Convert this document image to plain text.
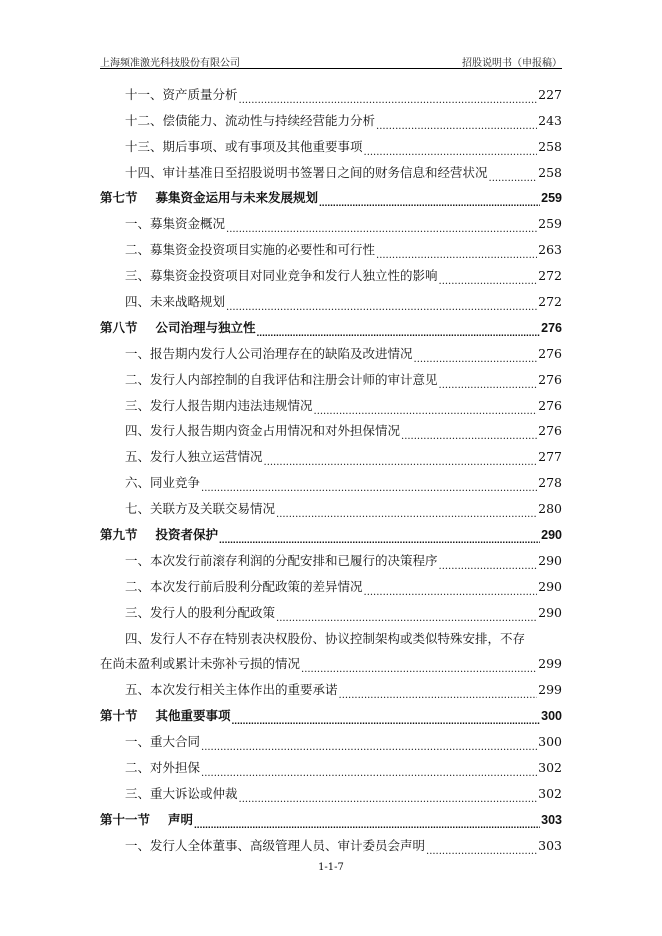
上海频准激光科技股份有限公司	招股说明书（申报稿）
十一、资产质量分析 .....	227
十二、偿债能力、流动性与持续经营能力分析 .....	243
十三、期后事项、或有事项及其他重要事项 .....	258
十四、审计基准日至招股说明书签署日之间的财务信息和经营状况 .....	258
第七节 募集资金运用与未来发展规划 .....	259
一、募集资金概况 .....	259
二、募集资金投资项目实施的必要性和可行性 .....	263
三、募集资金投资项目对同业竞争和发行人独立性的影响 .....	272
四、未来战略规划 .....	272
第八节 公司治理与独立性 .....	276
一、报告期内发行人公司治理存在的缺陷及改进情况 .....	276
二、发行人内部控制的自我评估和注册会计师的审计意见 .....	276
三、发行人报告期内违法违规情况 .....	276
四、发行人报告期内资金占用情况和对外担保情况 .....	276
五、发行人独立运营情况 .....	277
六、同业竞争 .....	278
七、关联方及关联交易情况 .....	280
第九节 投资者保护 .....	290
一、本次发行前滚存利润的分配安排和已履行的决策程序 .....	290
二、本次发行前后股利分配政策的差异情况 .....	290
三、发行人的股利分配政策 .....	290
四、发行人不存在特别表决权股份、协议控制架构或类似特殊安排，不存
在尚未盈利或累计未弥补亏损的情况 .....	299
五、本次发行相关主体作出的重要承诺 .....	299
第十节 其他重要事项 .....	300
一、重大合同 .....	300
二、对外担保 .....	302
三、重大诉讼或仲裁 .....	302
第十一节 声明 .....	303
一、发行人全体董事、高级管理人员、审计委员会声明 .....	303
1-1-7
